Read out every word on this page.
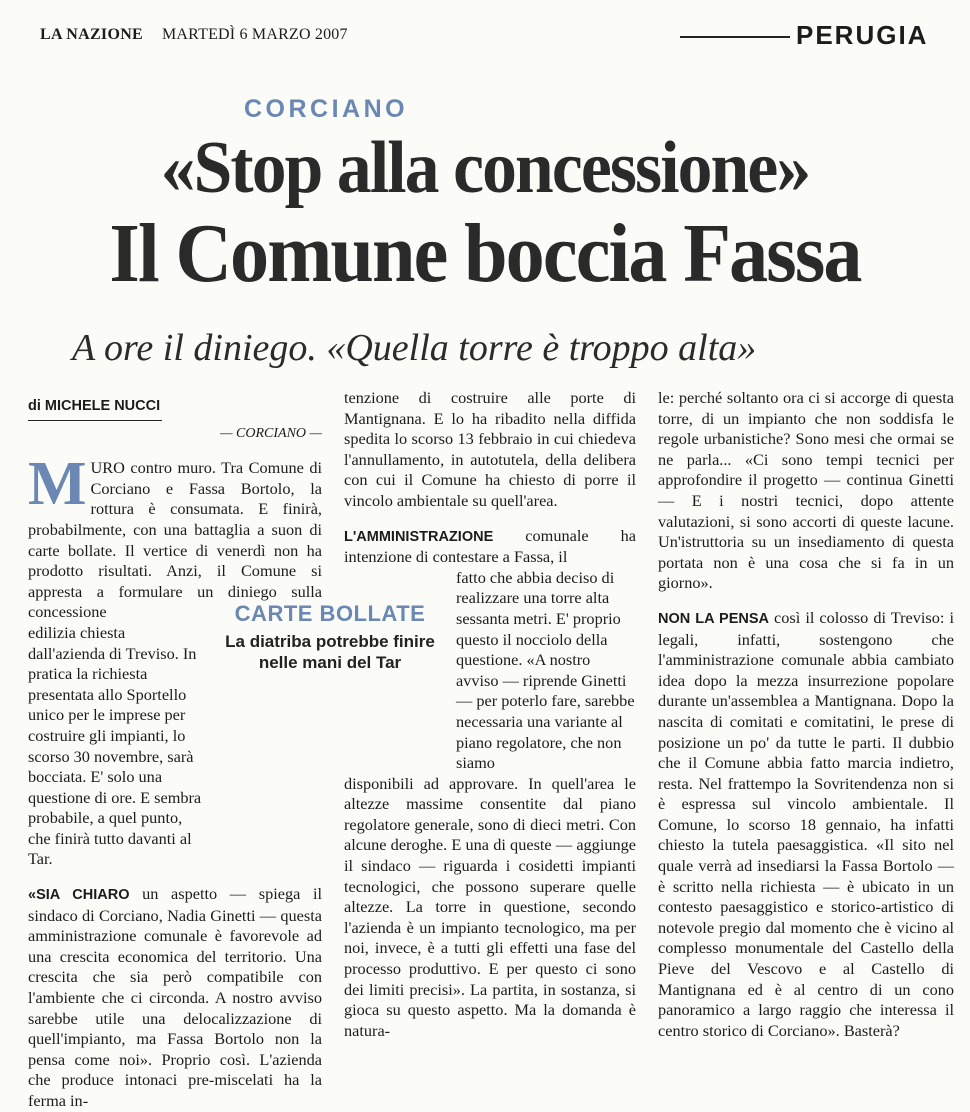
LA NAZIONE MARTEDÌ 6 MARZO 2007	PERUGIA
CORCIANO
«Stop alla concessione»
Il Comune boccia Fassa
A ore il diniego. «Quella torre è troppo alta»
di MICHELE NUCCI
— CORCIANO —

MURO contro muro. Tra Comune di Corciano e Fassa Bortolo, la rottura è consumata. E finirà, probabilmente, con una battaglia a suon di carte bollate. Il vertice di venerdì non ha prodotto risultati. Anzi, il Comune si appresta a formulare un diniego sulla concessione

edilizia chiesta dall'azienda di Treviso. In pratica la richiesta presentata allo Sportello unico per le imprese per costruire gli impianti, lo scorso 30 novembre, sarà bocciata. E' solo una questione di ore. E sembra probabile, a quel punto, che finirà tutto davanti al Tar.

«SIA CHIARO un aspetto — spiega il sindaco di Corciano, Nadia Ginetti — questa amministrazione comunale è favorevole ad una crescita economica del territorio. Una crescita che sia però compatibile con l'ambiente che ci circonda. A nostro avviso sarebbe utile una delocalizzazione di quell'impianto, ma Fassa Bortolo non la pensa come noi». Proprio così. L'azienda che produce intonaci pre-miscelati ha la ferma in-

CARTE BOLLATE
La diatriba potrebbe finire nelle mani del Tar

tenzione di costruire alle porte di Mantignana. E lo ha ribadito nella diffida spedita lo scorso 13 febbraio in cui chiedeva l'annullamento, in autotutela, della delibera con cui il Comune ha chiesto di porre il vincolo ambientale su quell'area.

L'AMMINISTRAZIONE comunale ha intenzione di contestare a Fassa, il

fatto che abbia deciso di realizzare una torre alta sessanta metri. E' proprio questo il nocciolo della questione. «A nostro avviso — riprende Ginetti — per poterlo fare, sarebbe necessaria una variante al piano regolatore, che non siamo

disponibili ad approvare. In quell'area le altezze massime consentite dal piano regolatore generale, sono di dieci metri. Con alcune deroghe. E una di queste — aggiunge il sindaco — riguarda i cosidetti impianti tecnologici, che possono superare quelle altezze. La torre in questione, secondo l'azienda è un impianto tecnologico, ma per noi, invece, è a tutti gli effetti una fase del processo produttivo. E per questo ci sono dei limiti precisi». La partita, in sostanza, si gioca su questo aspetto. Ma la domanda è natura-

le: perché soltanto ora ci si accorge di questa torre, di un impianto che non soddisfa le regole urbanistiche? Sono mesi che ormai se ne parla... «Ci sono tempi tecnici per approfondire il progetto — continua Ginetti — E i nostri tecnici, dopo attente valutazioni, si sono accorti di queste lacune. Un'istruttoria su un insediamento di questa portata non è una cosa che si fa in un giorno».

NON LA PENSA così il colosso di Treviso: i legali, infatti, sostengono che l'amministrazione comunale abbia cambiato idea dopo la mezza insurrezione popolare durante un'assemblea a Mantignana. Dopo la nascita di comitati e comitatini, le prese di posizione un po' da tutte le parti. Il dubbio che il Comune abbia fatto marcia indietro, resta. Nel frattempo la Sovritendenza non si è espressa sul vincolo ambientale. Il Comune, lo scorso 18 gennaio, ha infatti chiesto la tutela paesaggistica. «Il sito nel quale verrà ad insediarsi la Fassa Bortolo — è scritto nella richiesta — è ubicato in un contesto paesaggistico e storico-artistico di notevole pregio dal momento che è vicino al complesso monumentale del Castello della Pieve del Vescovo e al Castello di Mantignana ed è al centro di un cono panoramico a largo raggio che interessa il centro storico di Corciano». Basterà?
